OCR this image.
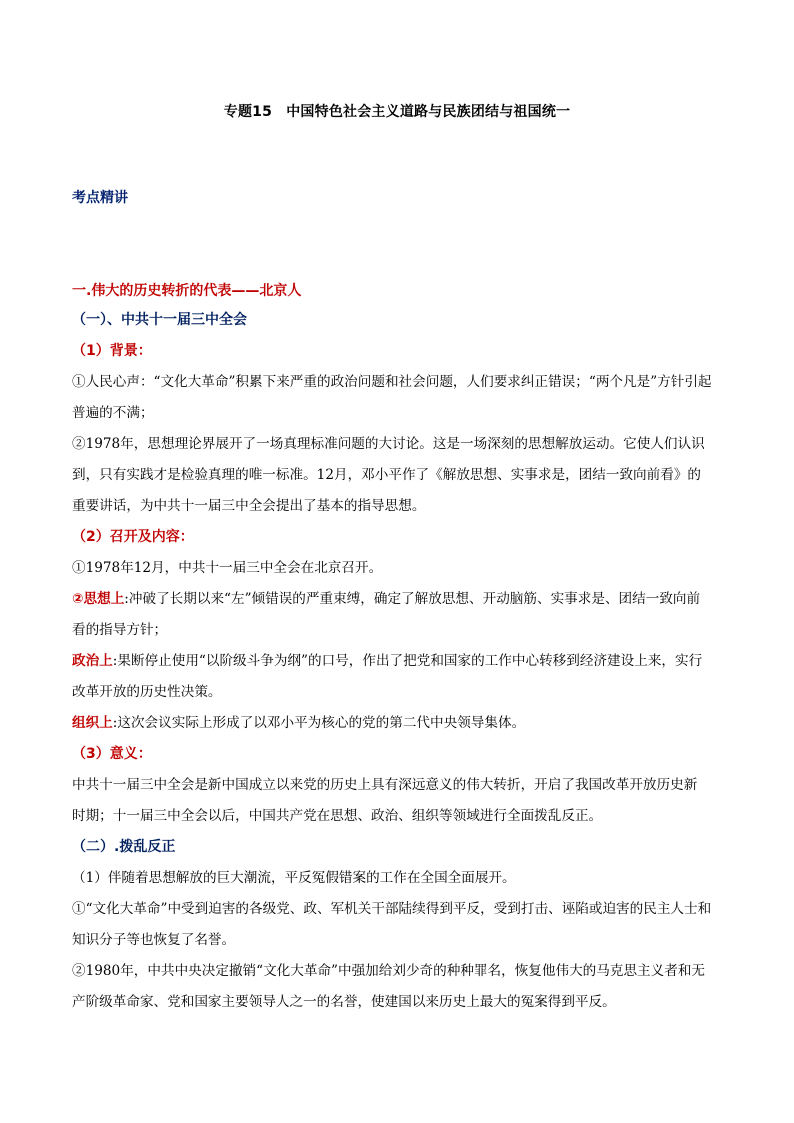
专题15　中国特色社会主义道路与民族团结与祖国统一
考点精讲
一.伟大的历史转折的代表——北京人
（一）、中共十一届三中全会
（1）背景：
①人民心声：“文化大革命”积累下来严重的政治问题和社会问题，人们要求纠正错误；“两个凡是”方针引起
普遍的不满；
②1978年，思想理论界展开了一场真理标准问题的大讨论。这是一场深刻的思想解放运动。它使人们认识
到，只有实践才是检验真理的唯一标准。12月，邓小平作了《解放思想、实事求是，团结一致向前看》的
重要讲话，为中共十一届三中全会提出了基本的指导思想。
（2）召开及内容：
①1978年12月，中共十一届三中全会在北京召开。
②思想上:冲破了长期以来“左”倾错误的严重束缚，确定了解放思想、开动脑筋、实事求是、团结一致向前
看的指导方针；
政治上:果断停止使用“以阶级斗争为纲”的口号，作出了把党和国家的工作中心转移到经济建设上来，实行
改革开放的历史性决策。
组织上:这次会议实际上形成了以邓小平为核心的党的第二代中央领导集体。
（3）意义：
中共十一届三中全会是新中国成立以来党的历史上具有深远意义的伟大转折，开启了我国改革开放历史新
时期；十一届三中全会以后，中国共产党在思想、政治、组织等领域进行全面拨乱反正。
（二）.拨乱反正
（1）伴随着思想解放的巨大潮流，平反冤假错案的工作在全国全面展开。
①“文化大革命”中受到迫害的各级党、政、军机关干部陆续得到平反，受到打击、诬陷或迫害的民主人士和
知识分子等也恢复了名誉。
②1980年，中共中央决定撤销“文化大革命”中强加给刘少奇的种种罪名，恢复他伟大的马克思主义者和无
产阶级革命家、党和国家主要领导人之一的名誉，使建国以来历史上最大的冤案得到平反。
